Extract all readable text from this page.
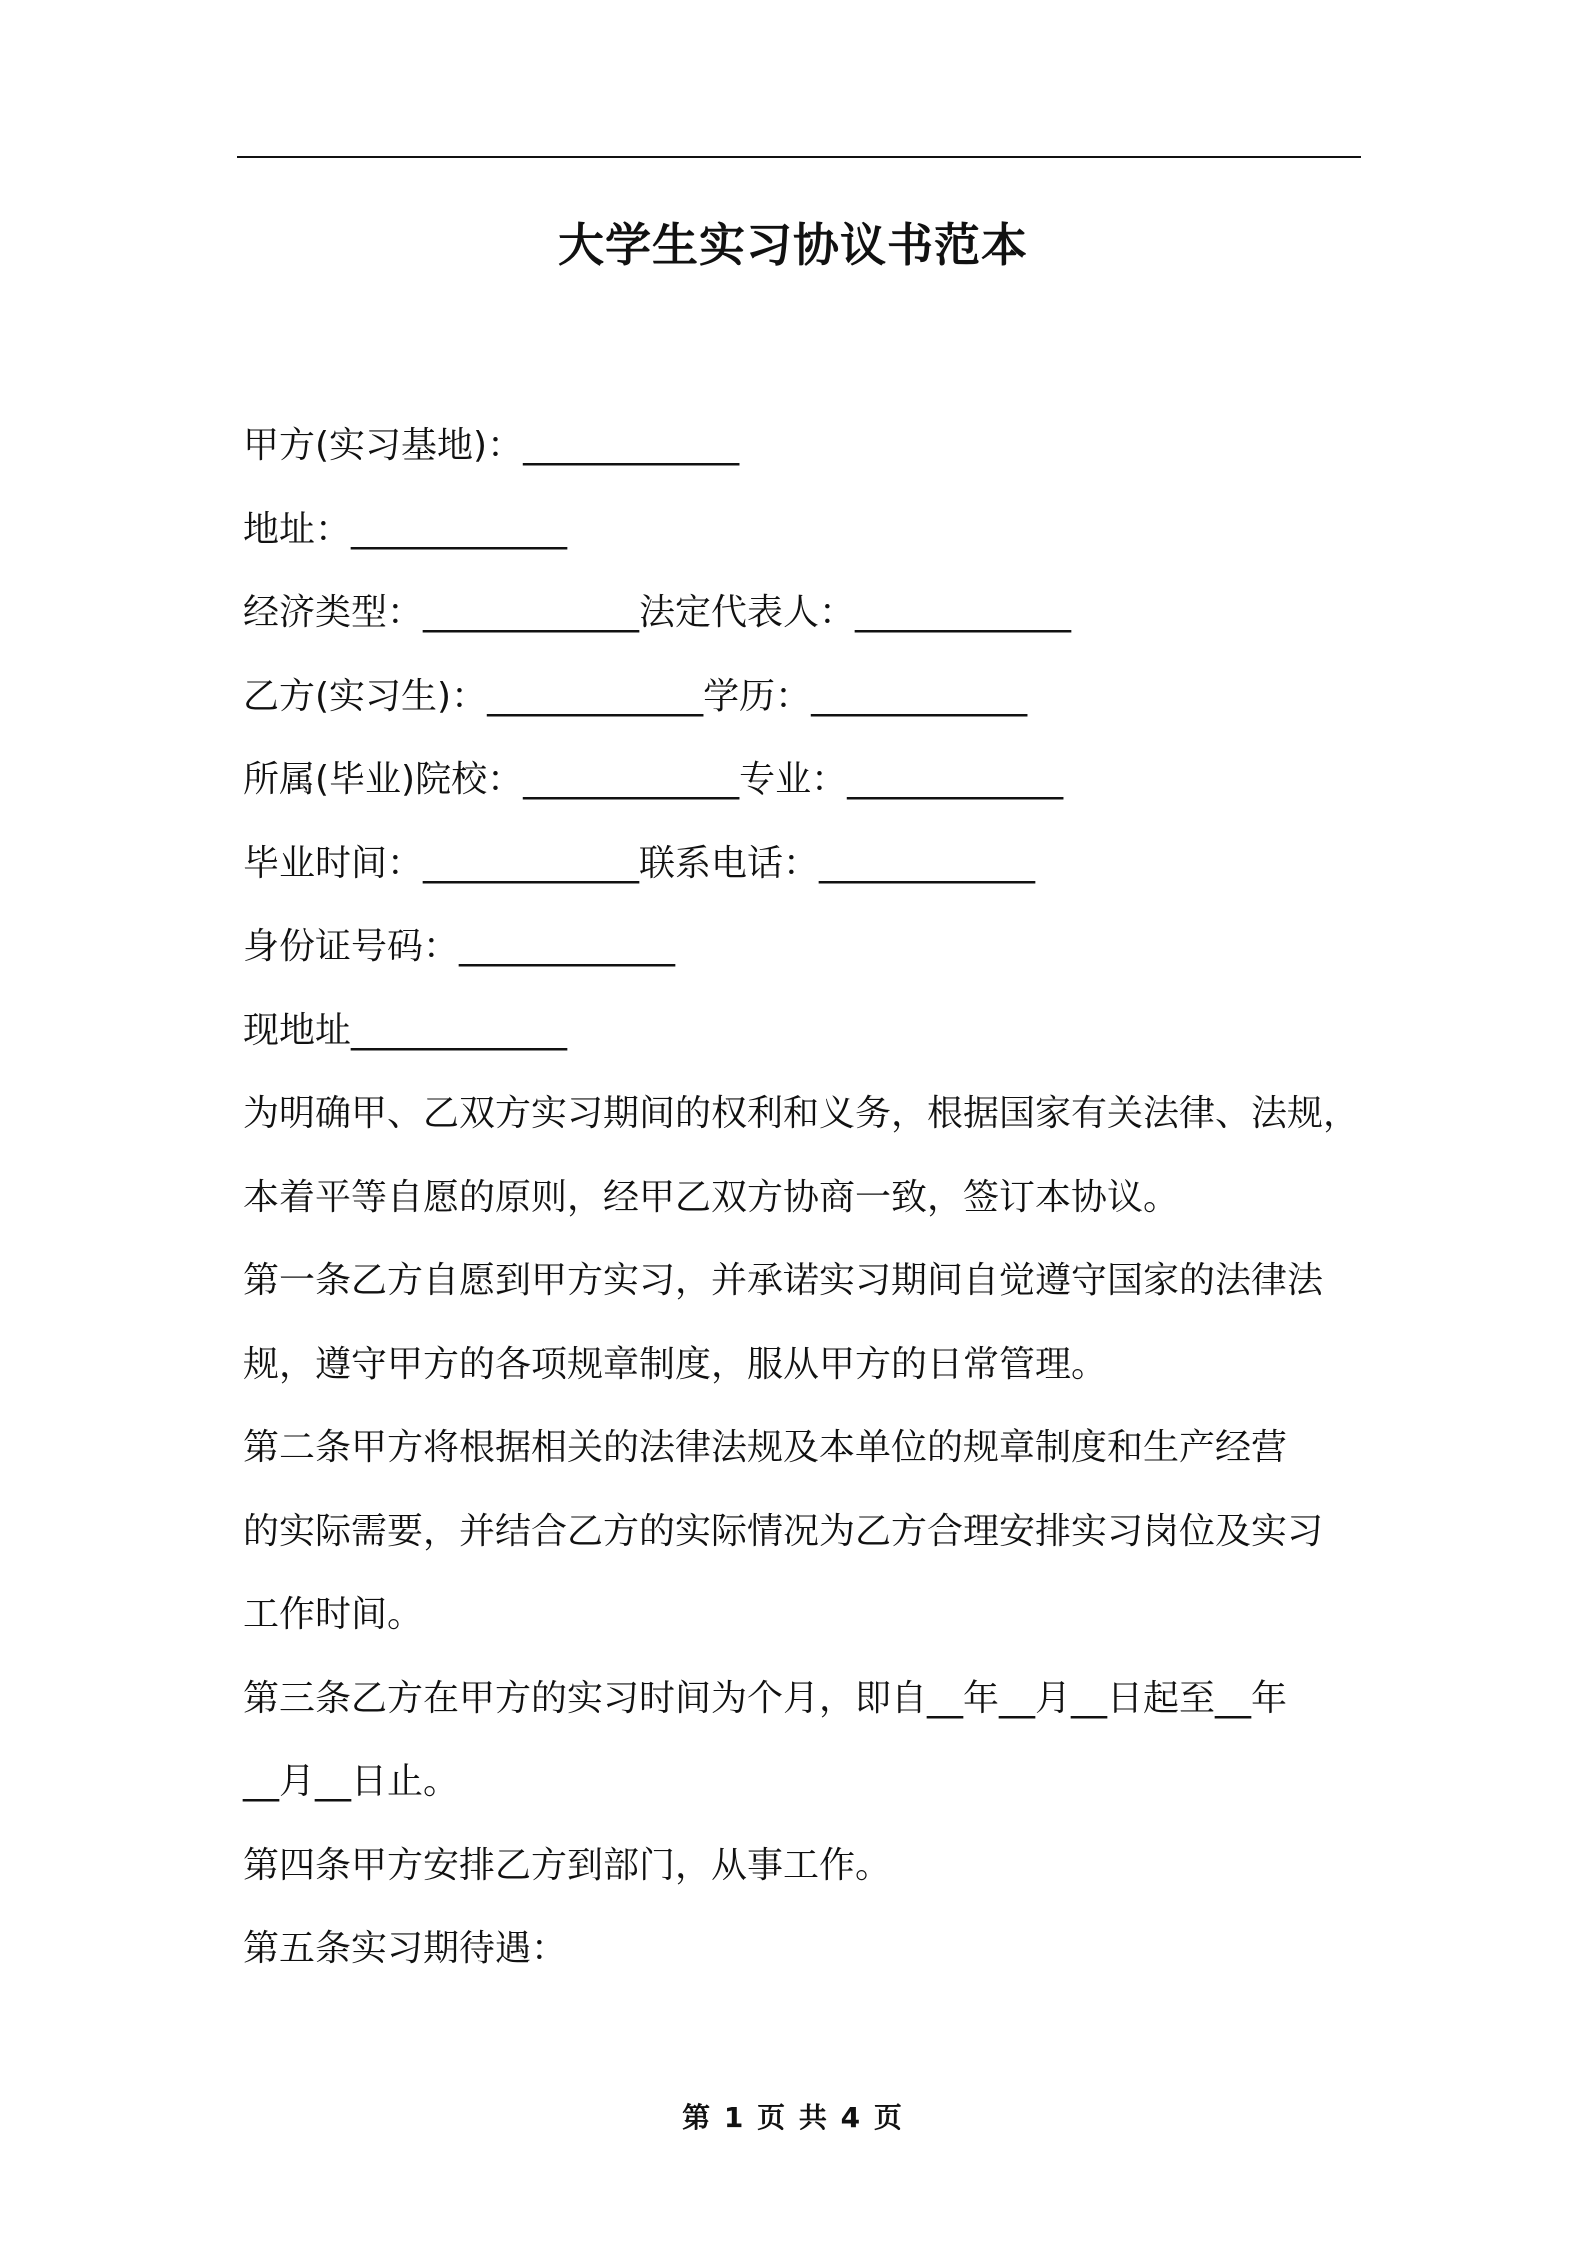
大学生实习协议书范本
甲方(实习基地)：____________
地址：____________
经济类型：____________法定代表人：____________
乙方(实习生)：____________学历：____________
所属(毕业)院校：____________专业：____________
毕业时间：____________联系电话：____________
身份证号码：____________
现地址____________
为明确甲、乙双方实习期间的权利和义务，根据国家有关法律、法规，
本着平等自愿的原则，经甲乙双方协商一致，签订本协议。
第一条乙方自愿到甲方实习，并承诺实习期间自觉遵守国家的法律法
规，遵守甲方的各项规章制度，服从甲方的日常管理。
第二条甲方将根据相关的法律法规及本单位的规章制度和生产经营
的实际需要，并结合乙方的实际情况为乙方合理安排实习岗位及实习
工作时间。
第三条乙方在甲方的实习时间为个月，即自__年__月__日起至__年
__月__日止。
第四条甲方安排乙方到部门，从事工作。
第五条实习期待遇：
第 1 页 共 4 页
